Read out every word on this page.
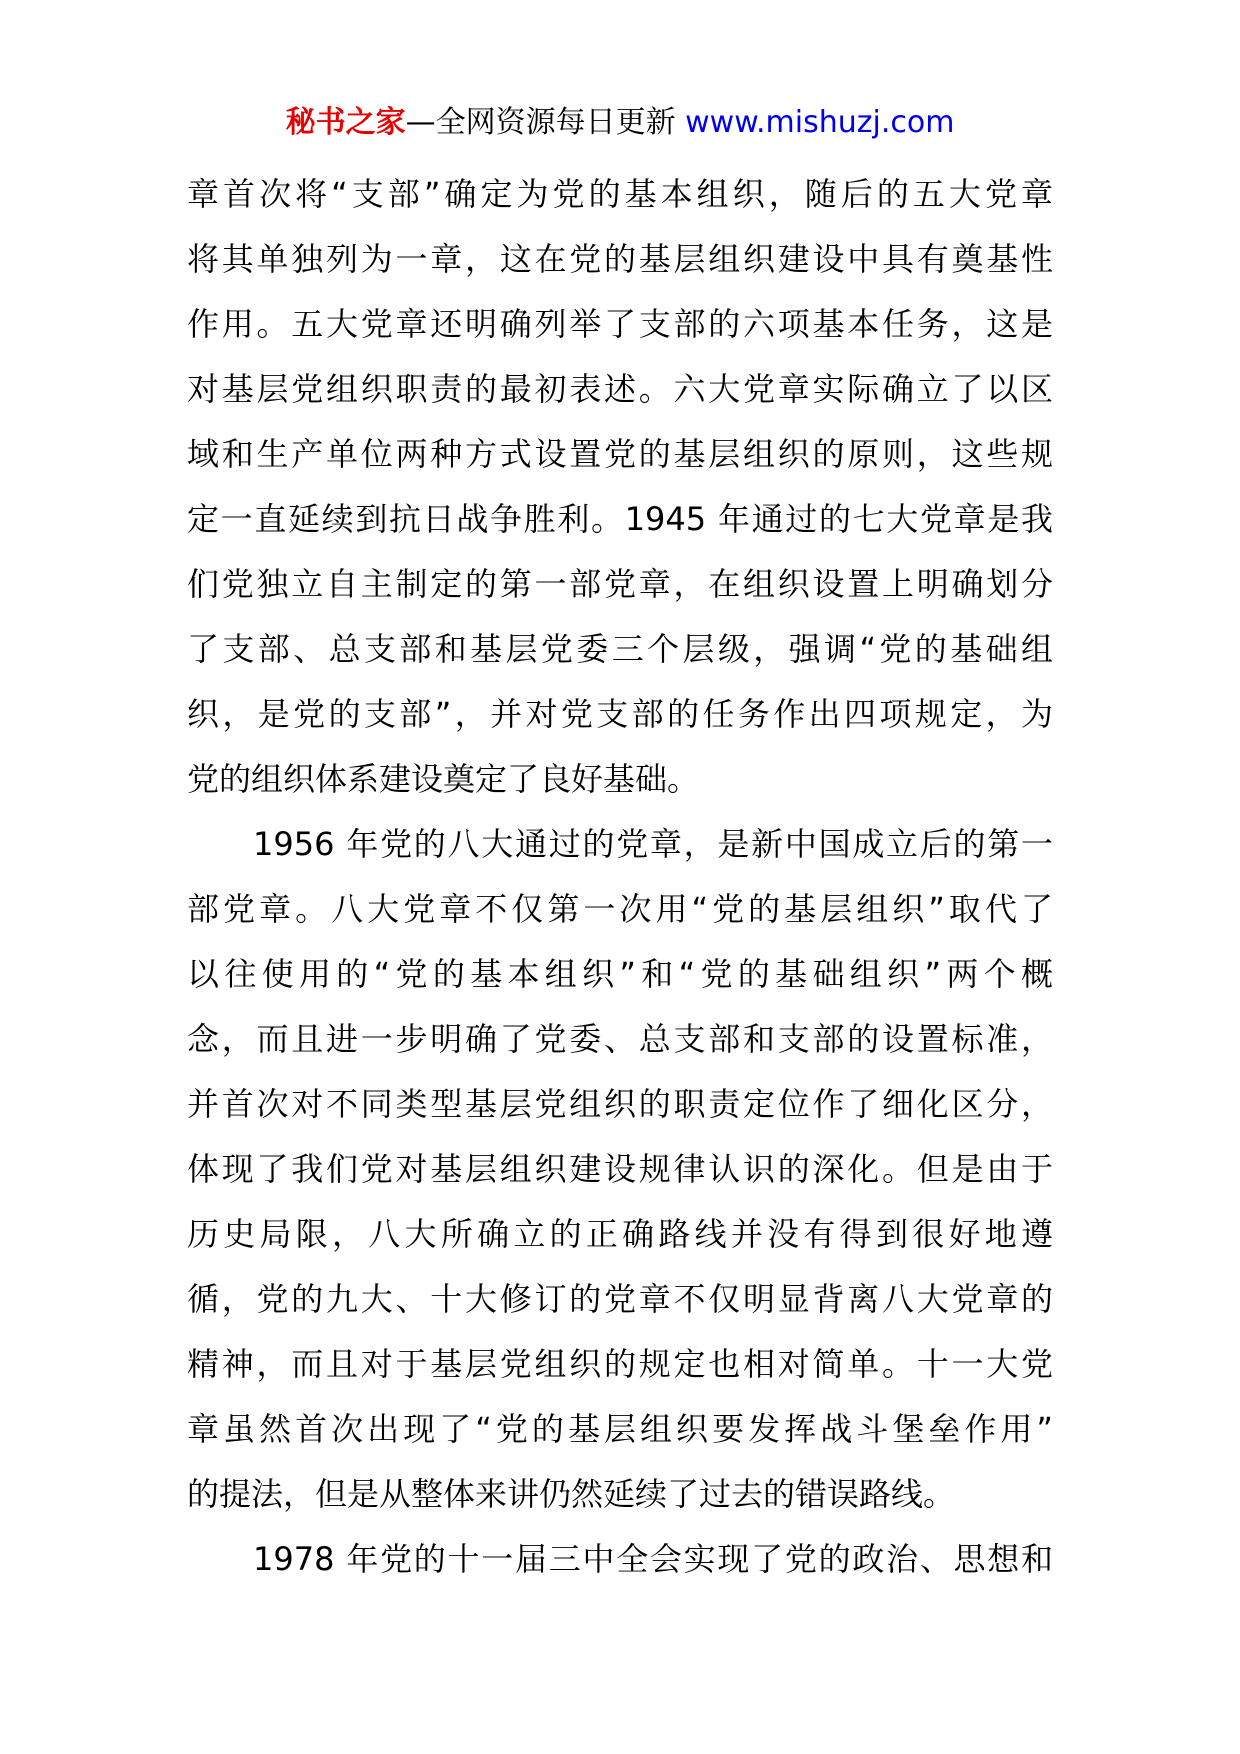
秘书之家—全网资源每日更新 www.mishuzj.com
章首次将“支部”确定为党的基本组织，随后的五大党章
将其单独列为一章，这在党的基层组织建设中具有奠基性
作用。五大党章还明确列举了支部的六项基本任务，这是
对基层党组织职责的最初表述。六大党章实际确立了以区
域和生产单位两种方式设置党的基层组织的原则，这些规
定一直延续到抗日战争胜利。1945 年通过的七大党章是我
们党独立自主制定的第一部党章，在组织设置上明确划分
了支部、总支部和基层党委三个层级，强调“党的基础组
织，是党的支部”，并对党支部的任务作出四项规定，为
党的组织体系建设奠定了良好基础。
1956 年党的八大通过的党章，是新中国成立后的第一
部党章。八大党章不仅第一次用“党的基层组织”取代了
以往使用的“党的基本组织”和“党的基础组织”两个概
念，而且进一步明确了党委、总支部和支部的设置标准，
并首次对不同类型基层党组织的职责定位作了细化区分，
体现了我们党对基层组织建设规律认识的深化。但是由于
历史局限，八大所确立的正确路线并没有得到很好地遵
循，党的九大、十大修订的党章不仅明显背离八大党章的
精神，而且对于基层党组织的规定也相对简单。十一大党
章虽然首次出现了“党的基层组织要发挥战斗堡垒作用”
的提法，但是从整体来讲仍然延续了过去的错误路线。
1978 年党的十一届三中全会实现了党的政治、思想和
